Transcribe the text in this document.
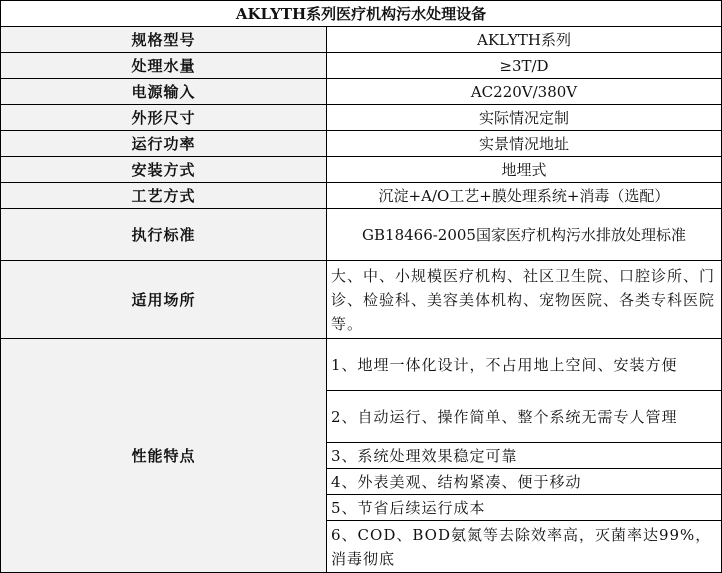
AKLYTH系列医疗机构污水处理设备	
规格型号	AKLYTH系列
处理水量	≥3T/D
电源输入	AC220V/380V
外形尺寸	实际情况定制
运行功率	实景情况地址
安装方式	地埋式
工艺方式	沉淀+A/O工艺+膜处理系统+消毒（选配）
执行标准	GB18466-2005国家医疗机构污水排放处理标准
适用场所	大、中、小规模医疗机构、社区卫生院、口腔诊所、门诊、检验科、美容美体机构、宠物医院、各类专科医院等。
性能特点	1、地埋一体化设计，不占用地上空间、安装方便
	2、自动运行、操作简单、整个系统无需专人管理
	3、系统处理效果稳定可靠
	4、外表美观、结构紧凑、便于移动
	5、节省后续运行成本
	6、COD、BOD氨氮等去除效率高，灭菌率达99%，消毒彻底
